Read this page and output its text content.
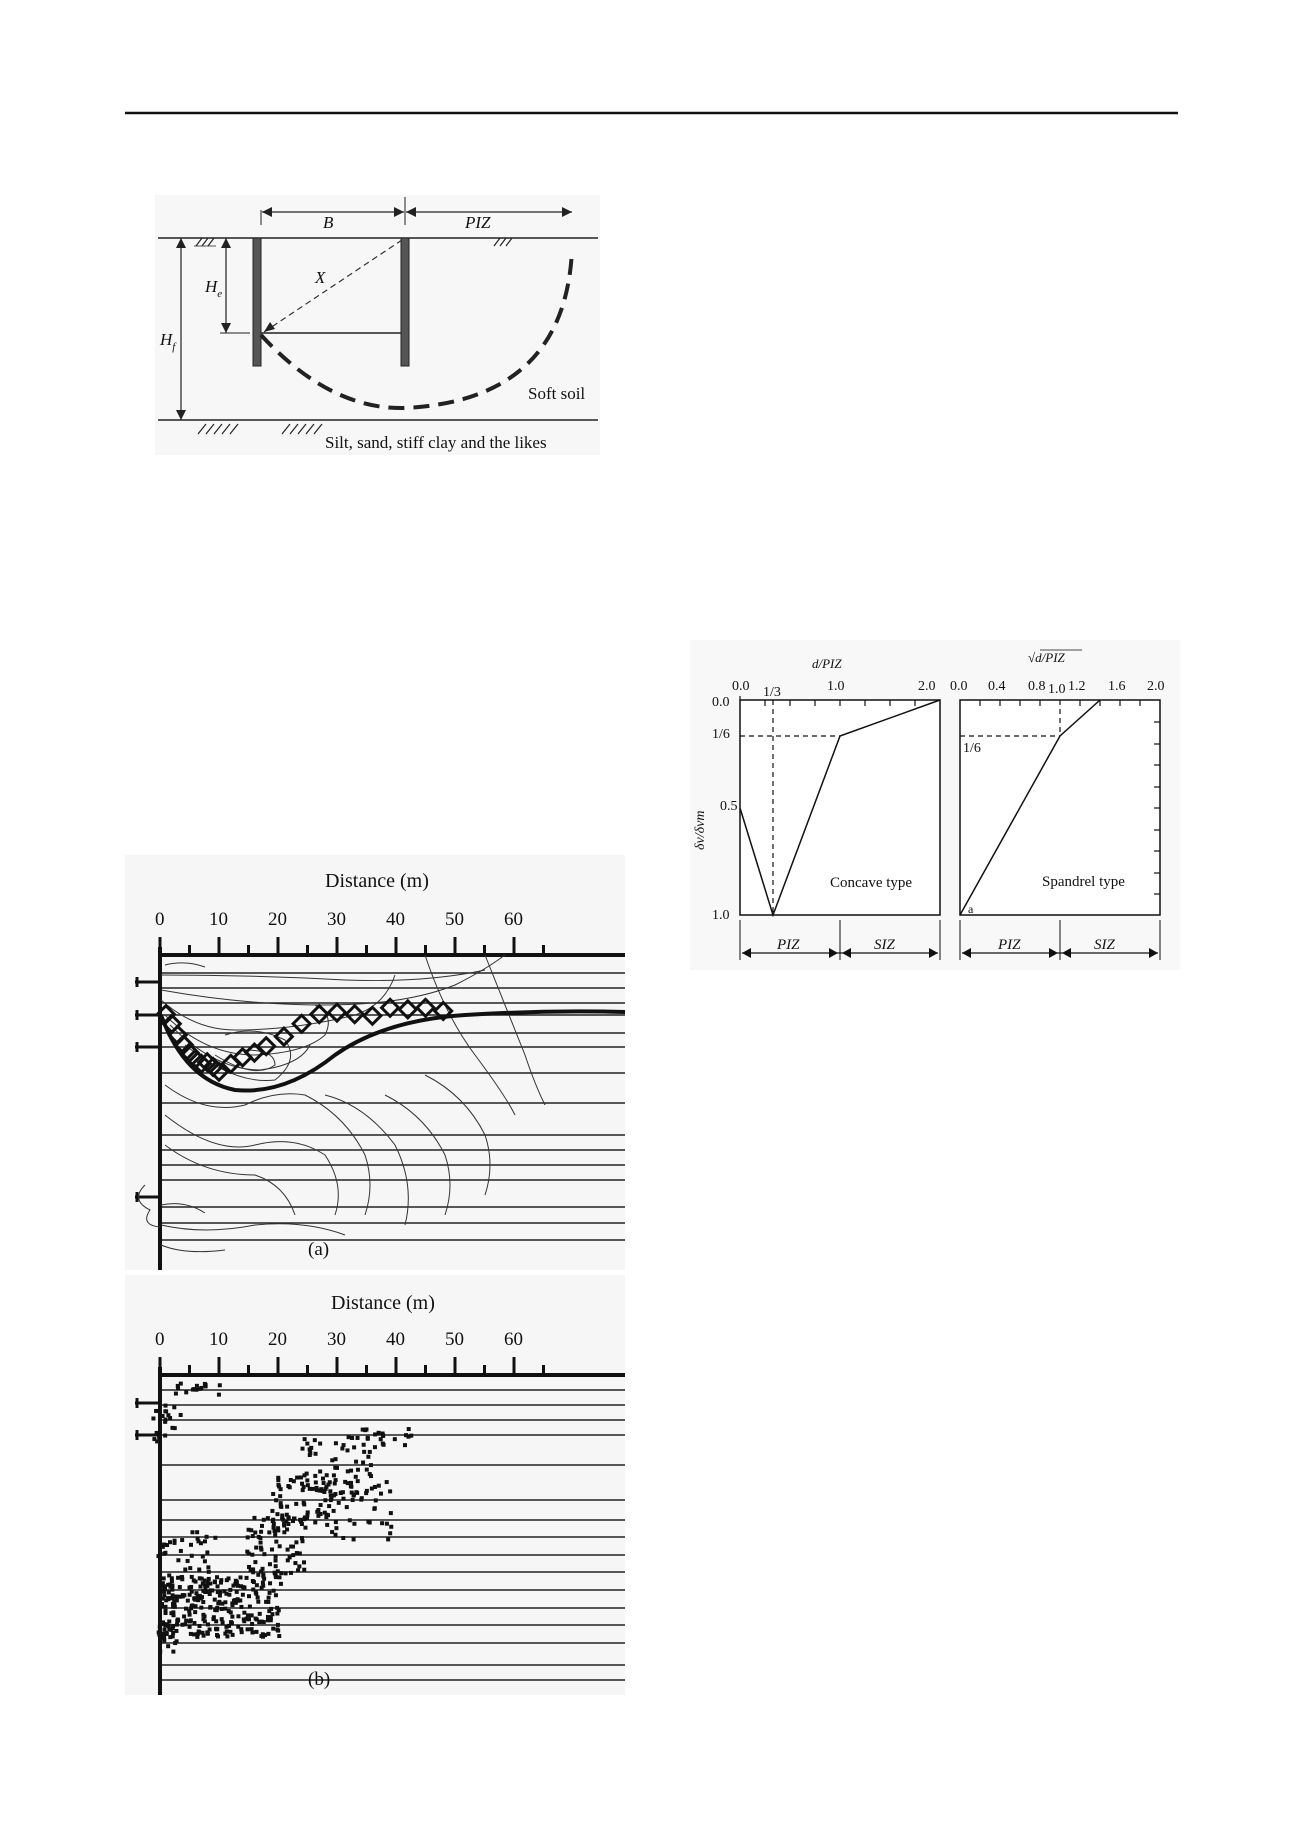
B	PIZ
$H_e$
$H_f$
X
Soft soil
Silt, sand, stiff clay and the likes
d/PIZ
0.0 1/3	1.0	2.0
0.0
1/6
0.5
1.0
δv/δvm
Concave type
PIZ	SIZ
√d/PIZ
0.0 0.4 0.8 1.0 1.2 1.6 2.0
1/6
a
Spandrel type
PIZ	SIZ
Distance (m)
0 10 20 30 40 50 60
(a)
Distance (m)
0 10 20 30 40 50 60
(b)
